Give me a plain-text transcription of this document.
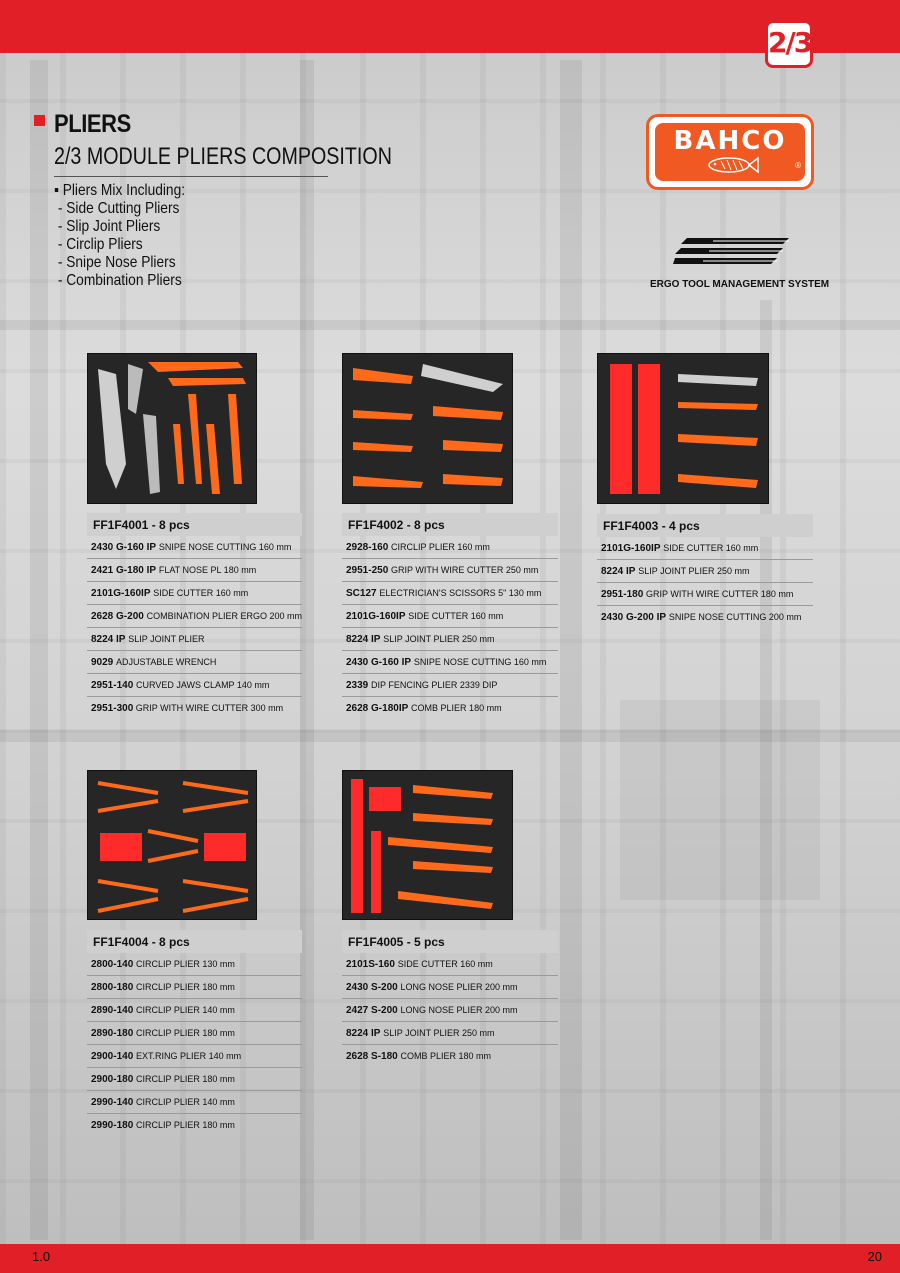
2/3
PLIERS
2/3 MODULE PLIERS COMPOSITION
▪ Pliers Mix Including:
- Side Cutting Pliers
- Slip Joint Pliers
- Circlip Pliers
- Snipe Nose Pliers
- Combination Pliers
BAHCO
®
ERGO TOOL MANAGEMENT SYSTEM
FF1F4001 - 8 pcs
2430 G-160 IP SNIPE NOSE CUTTING 160 mm
2421 G-180 IP FLAT NOSE PL 180 mm
2101G-160IP SIDE CUTTER 160 mm
2628 G-200 COMBINATION PLIER ERGO 200 mm
8224 IP SLIP JOINT PLIER
9029 ADJUSTABLE WRENCH
2951-140 CURVED JAWS CLAMP 140 mm
2951-300 GRIP WITH WIRE CUTTER 300 mm
FF1F4002 - 8 pcs
2928-160 CIRCLIP PLIER 160 mm
2951-250 GRIP WITH WIRE CUTTER 250 mm
SC127 ELECTRICIAN'S SCISSORS 5" 130 mm
2101G-160IP SIDE CUTTER 160 mm
8224 IP SLIP JOINT PLIER 250 mm
2430 G-160 IP SNIPE NOSE CUTTING 160 mm
2339 DIP FENCING PLIER 2339 DIP
2628 G-180IP COMB PLIER 180 mm
FF1F4003 - 4 pcs
2101G-160IP SIDE CUTTER 160 mm
8224 IP SLIP JOINT PLIER 250 mm
2951-180 GRIP WITH WIRE CUTTER 180 mm
2430 G-200 IP SNIPE NOSE CUTTING 200 mm
FF1F4004 - 8 pcs
2800-140 CIRCLIP PLIER 130 mm
2800-180 CIRCLIP PLIER 180 mm
2890-140 CIRCLIP PLIER 140 mm
2890-180 CIRCLIP PLIER 180 mm
2900-140 EXT.RING PLIER 140 mm
2900-180 CIRCLIP PLIER 180 mm
2990-140 CIRCLIP PLIER 140 mm
2990-180 CIRCLIP PLIER 180 mm
FF1F4005 - 5 pcs
2101S-160 SIDE CUTTER 160 mm
2430 S-200 LONG NOSE PLIER 200 mm
2427 S-200 LONG NOSE PLIER 200 mm
8224 IP SLIP JOINT PLIER 250 mm
2628 S-180 COMB PLIER 180 mm
1.0	20
